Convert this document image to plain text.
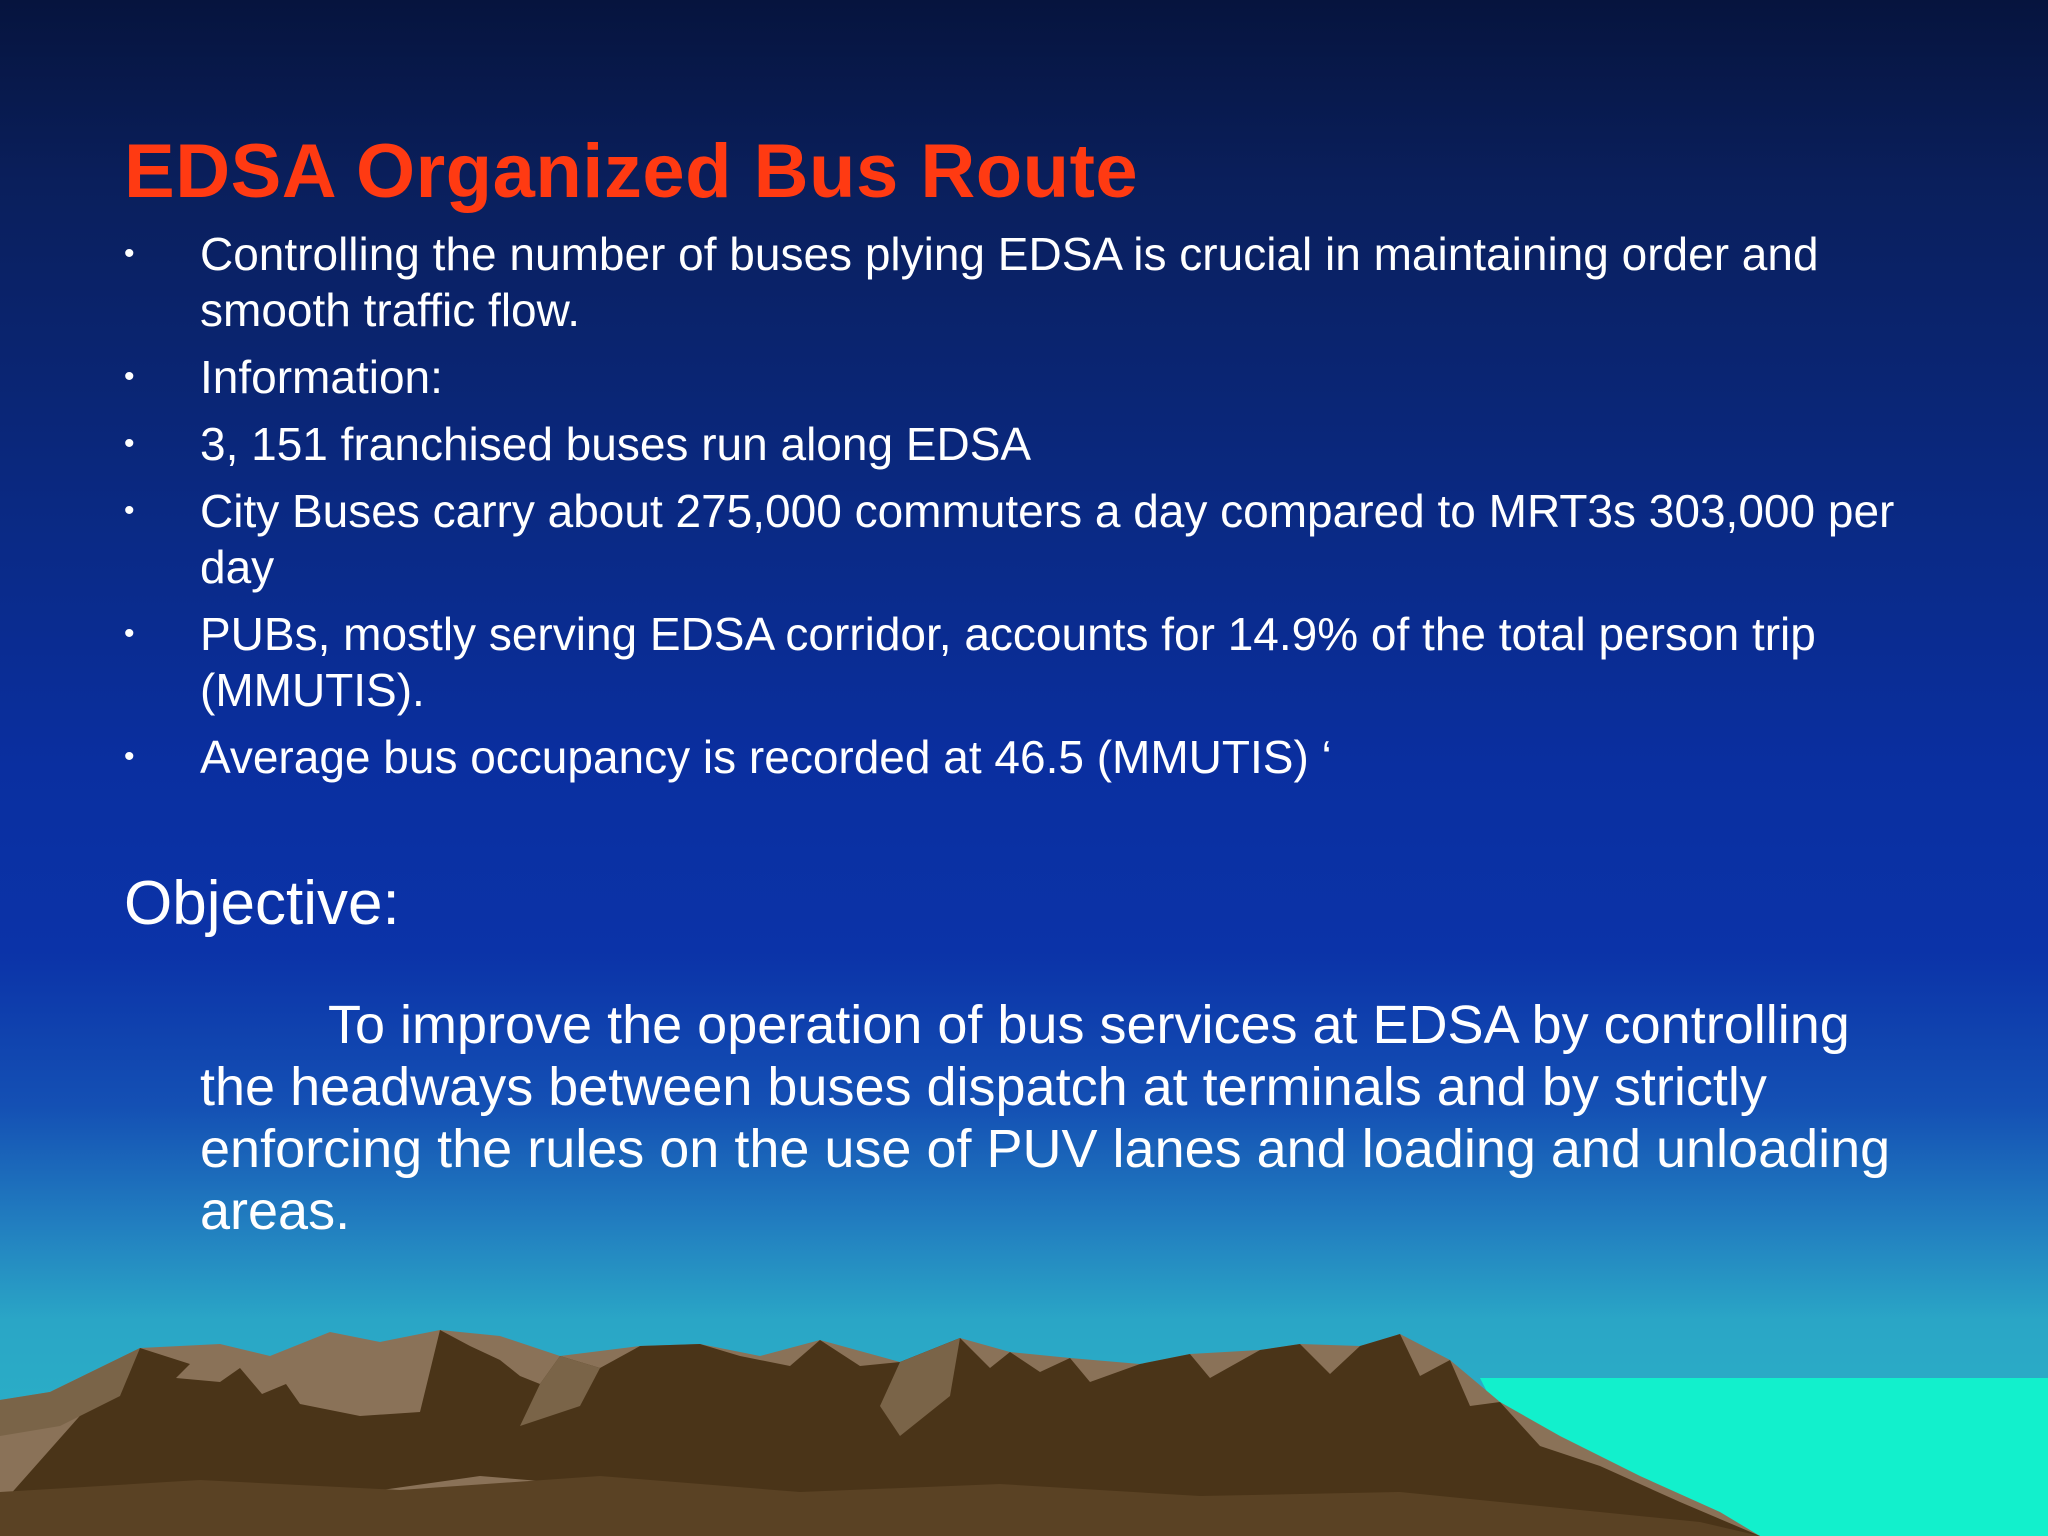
EDSA Organized Bus Route
•	Controlling the number of buses plying EDSA is crucial in maintaining order and smooth traffic flow.
•	Information:
•	3, 151 franchised buses run along EDSA
•	City Buses carry about 275,000 commuters a day compared to MRT3s 303,000 per day
•	PUBs, mostly serving EDSA corridor, accounts for 14.9% of the total person trip (MMUTIS).
•	Average bus occupancy is recorded at 46.5 (MMUTIS) ‘
Objective:

To improve the operation of bus services at EDSA by controlling the headways between buses dispatch at terminals and by strictly enforcing the rules on the use of PUV lanes and loading and unloading areas.
